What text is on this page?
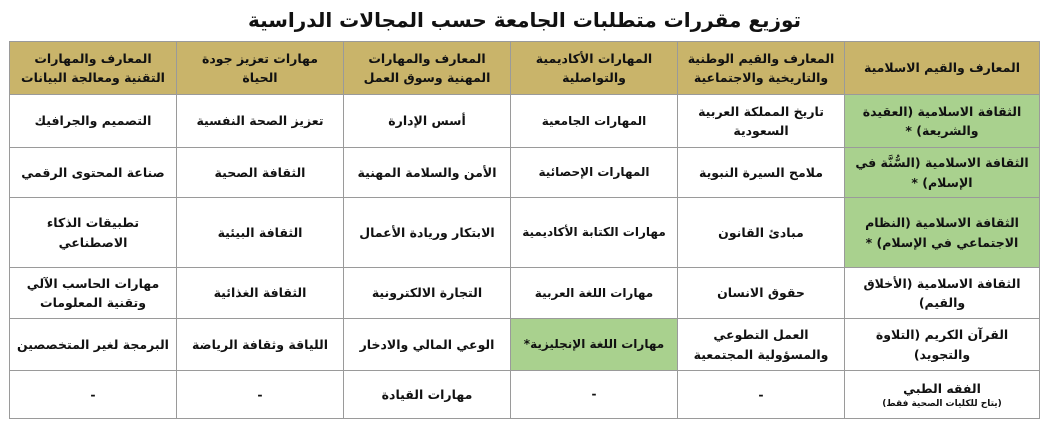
توزيع مقررات متطلبات الجامعة حسب المجالات الدراسية
المعارف والقيم الاسلامية	المعارف والقيم الوطنية والتاريخية والاجتماعية	المهارات الأكاديمية والتواصلية	المعارف والمهارات المهنية وسوق العمل	مهارات تعزيز جودة الحياة	المعارف والمهارات التقنية ومعالجة البيانات
الثقافة الاسلامية (العقيدة والشريعة) *	تاريخ المملكة العربية السعودية	المهارات الجامعية	أسس الإدارة	تعزيز الصحة النفسية	التصميم والجرافيك
الثقافة الاسلامية (السُّنَّة في الإسلام) *	ملامح السيرة النبوية	المهارات الإحصائية	الأمن والسلامة المهنية	الثقافة الصحية	صناعة المحتوى الرقمي
الثقافة الاسلامية (النظام الاجتماعي في الإسلام) *	مبادئ القانون	مهارات الكتابة الأكاديمية	الابتكار وريادة الأعمال	الثقافة البيئية	تطبيقات الذكاء الاصطناعي
الثقافة الاسلامية (الأخلاق والقيم)	حقوق الانسان	مهارات اللغة العربية	التجارة الالكترونية	الثقافة الغذائية	مهارات الحاسب الآلي وتقنية المعلومات
القرآن الكريم (التلاوة والتجويد)	العمل التطوعي والمسؤولية المجتمعية	مهارات اللغة الإنجليزية*	الوعي المالي والادخار	اللياقة وثقافة الرياضة	البرمجة لغير المتخصصين
الفقه الطبي
(يتاح للكليات الصحية فقط)	-	-	مهارات القيادة	-	-
